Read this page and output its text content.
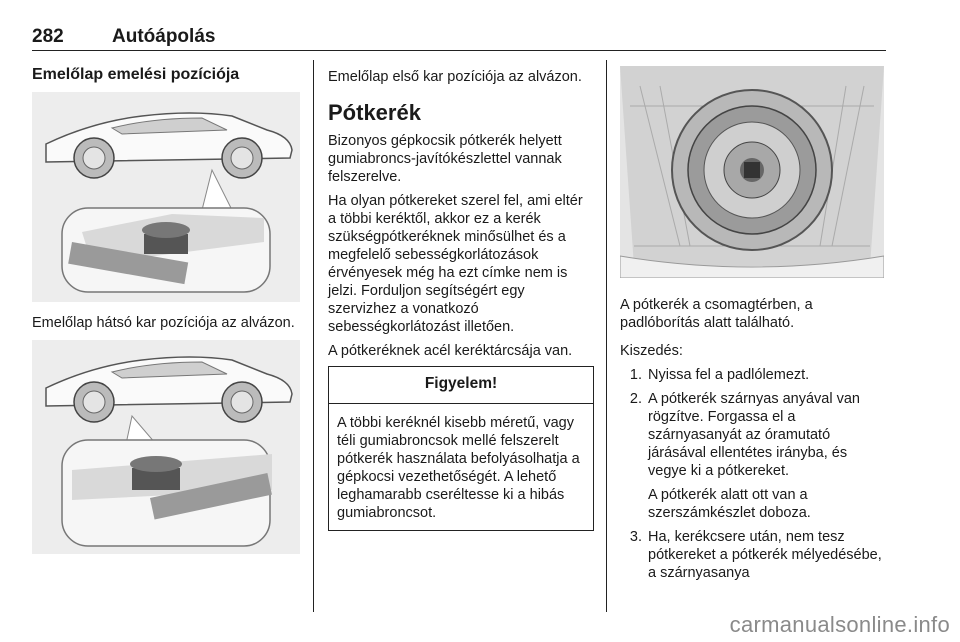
282	Autóápolás
Emelőlap emelési pozíciója

Emelőlap hátsó kar pozíciója az alvázon.

Emelőlap első kar pozíciója az alvázon.

Pótkerék

Bizonyos gépkocsik pótkerék helyett gumiabroncs-javítókészlettel vannak felszerelve.

Ha olyan pótkereket szerel fel, ami eltér a többi keréktől, akkor ez a kerék szükségpótkeréknek minősülhet és a megfelelő sebességkorlátozások érvényesek még ha ezt címke nem is jelzi. Forduljon segítségért egy szervizhez a vonatkozó sebességkorlátozást illetően.

A pótkeréknek acél keréktárcsája van.

Figyelem!
A többi keréknél kisebb méretű, vagy téli gumiabroncsok mellé felszerelt pótkerék használata befolyásolhatja a gépkocsi vezethetőségét. A lehető leghamarabb cseréltesse ki a hibás gumiabroncsot.

A pótkerék a csomagtérben, a padlóborítás alatt található.

Kiszedés:

1. Nyissa fel a padlólemezt.
2. A pótkerék szárnyas anyával van rögzítve. Forgassa el a szárnyasanyát az óramutató járásával ellentétes irányba, és vegye ki a pótkereket.

A pótkerék alatt ott van a szerszámkészlet doboza.

3. Ha, kerékcsere után, nem tesz pótkereket a pótkerék mélyedésébe, a szárnyasanya
carmanualsonline.info
